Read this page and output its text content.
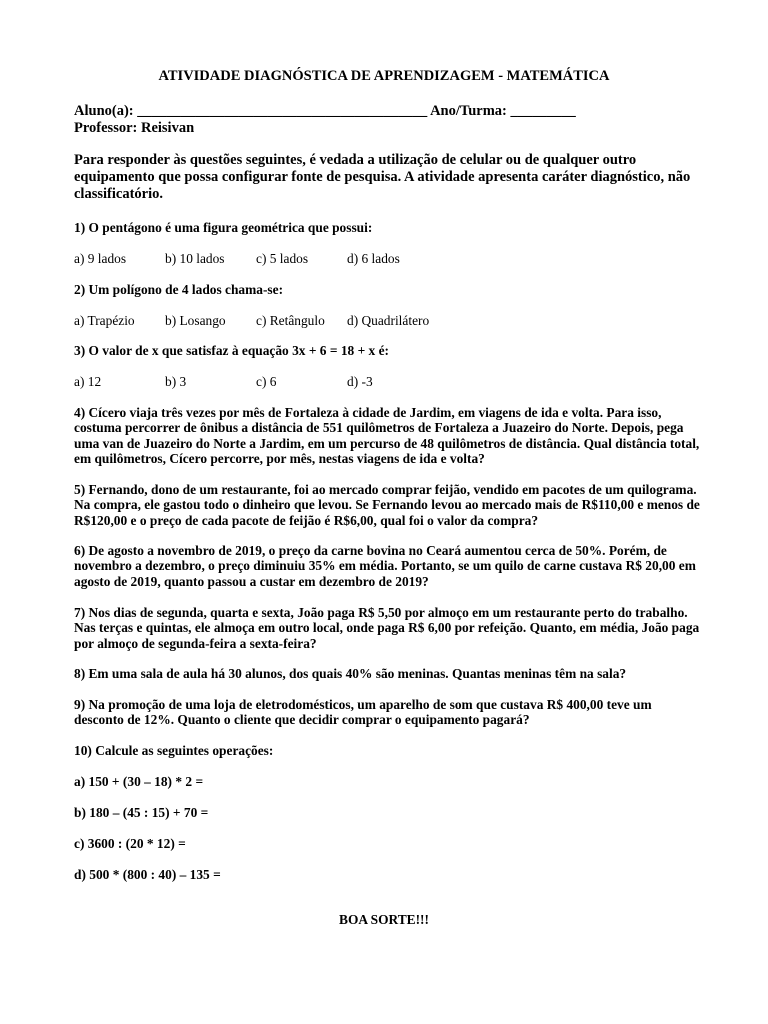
ATIVIDADE DIAGNÓSTICA DE APRENDIZAGEM - MATEMÁTICA
Aluno(a): ________________________________________ Ano/Turma: _________
Professor: Reisivan
Para responder às questões seguintes, é vedada a utilização de celular ou de qualquer outro equipamento que possa configurar fonte de pesquisa. A atividade apresenta caráter diagnóstico, não classificatório.
1) O pentágono é uma figura geométrica que possui:
a) 9 lados	b) 10 lados c) 5 lados	d) 6 lados
2) Um polígono de 4 lados chama-se:
a) Trapézio b) Losango c) Retângulo d) Quadrilátero
3) O valor de x que satisfaz à equação 3x + 6 = 18 + x é:
a) 12	b) 3	c) 6	d) -3
4) Cícero viaja três vezes por mês de Fortaleza à cidade de Jardim, em viagens de ida e volta. Para isso, costuma percorrer de ônibus a distância de 551 quilômetros de Fortaleza a Juazeiro do Norte. Depois, pega uma van de Juazeiro do Norte a Jardim, em um percurso de 48 quilômetros de distância. Qual distância total, em quilômetros, Cícero percorre, por mês, nestas viagens de ida e volta?
5) Fernando, dono de um restaurante, foi ao mercado comprar feijão, vendido em pacotes de um quilograma. Na compra, ele gastou todo o dinheiro que levou. Se Fernando levou ao mercado mais de R$110,00 e menos de R$120,00 e o preço de cada pacote de feijão é R$6,00, qual foi o valor da compra?
6) De agosto a novembro de 2019, o preço da carne bovina no Ceará aumentou cerca de 50%. Porém, de novembro a dezembro, o preço diminuiu 35% em média. Portanto, se um quilo de carne custava R$ 20,00 em agosto de 2019, quanto passou a custar em dezembro de 2019?
7) Nos dias de segunda, quarta e sexta, João paga R$ 5,50 por almoço em um restaurante perto do trabalho. Nas terças e quintas, ele almoça em outro local, onde paga R$ 6,00 por refeição. Quanto, em média, João paga por almoço de segunda-feira a sexta-feira?
8) Em uma sala de aula há 30 alunos, dos quais 40% são meninas. Quantas meninas têm na sala?
9) Na promoção de uma loja de eletrodomésticos, um aparelho de som que custava R$ 400,00 teve um desconto de 12%. Quanto o cliente que decidir comprar o equipamento pagará?
10) Calcule as seguintes operações:
a) 150 + (30 – 18) * 2 =
b) 180 – (45 : 15) + 70 =
c) 3600 : (20 * 12) =
d) 500 * (800 : 40) – 135 =
BOA SORTE!!!
